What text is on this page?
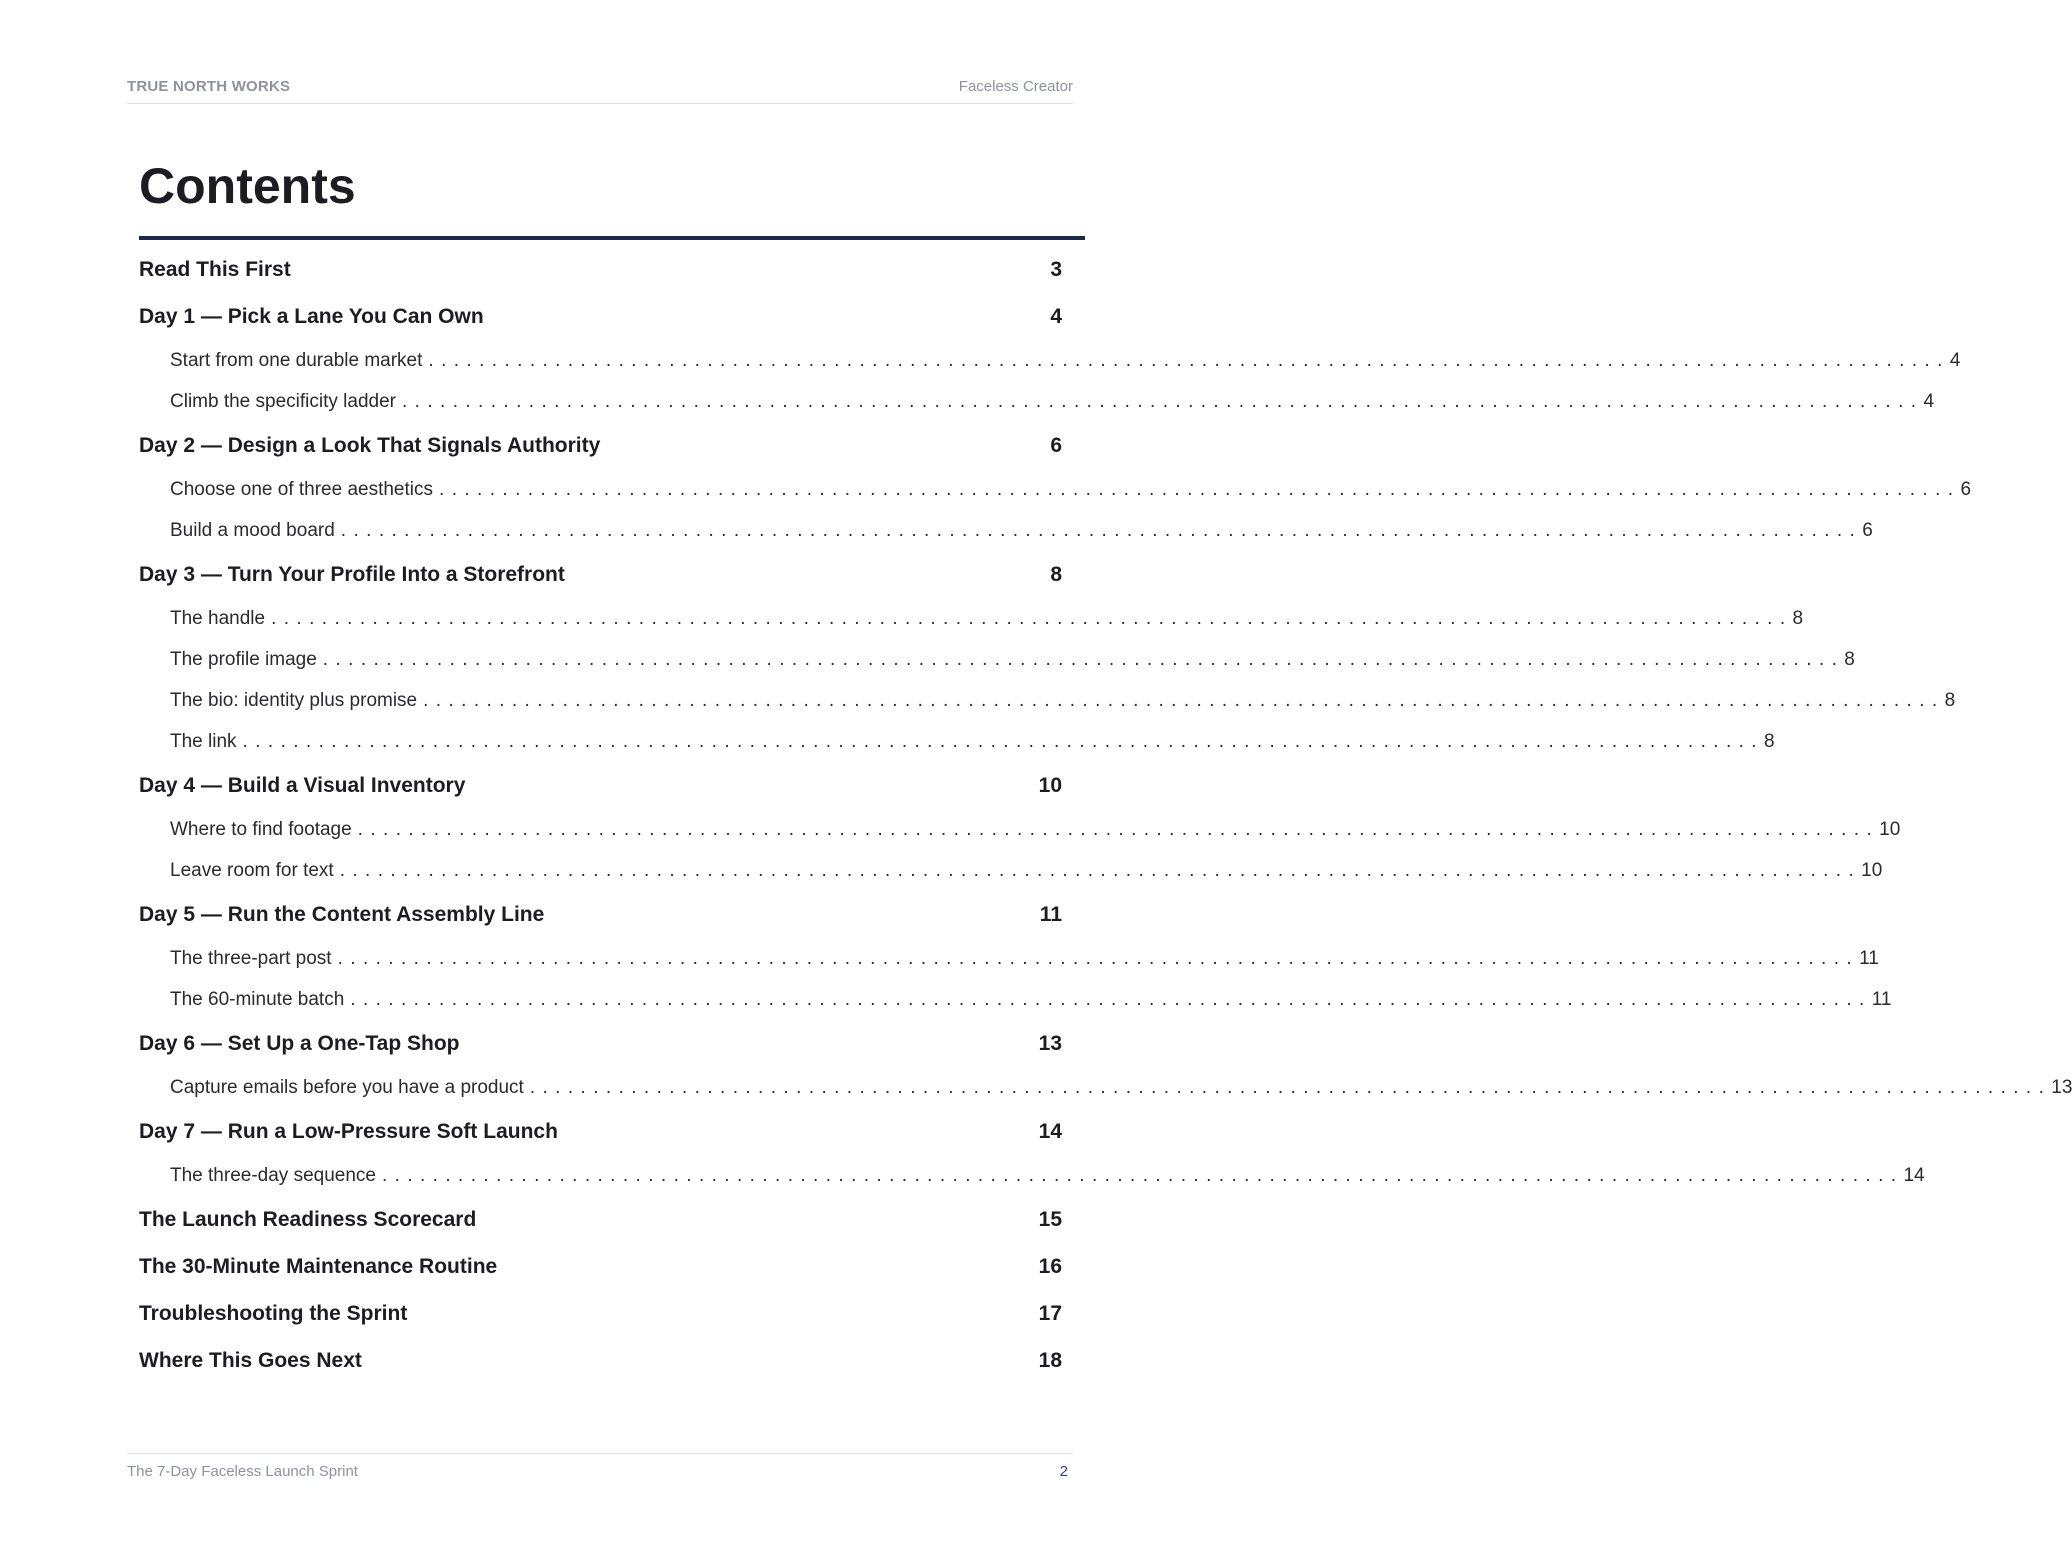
TRUE NORTH WORKS	Faceless Creator
Contents
Read This First	3
Day 1 — Pick a Lane You Can Own	4
Start from one durable market ........................................................................................................................ 4
Climb the specificity ladder ........................................................................................................................ 4
Day 2 — Design a Look That Signals Authority	6
Choose one of three aesthetics ........................................................................................................................ 6
Build a mood board ........................................................................................................................ 6
Day 3 — Turn Your Profile Into a Storefront	8
The handle ........................................................................................................................ 8
The profile image ........................................................................................................................ 8
The bio: identity plus promise ........................................................................................................................ 8
The link ........................................................................................................................ 8
Day 4 — Build a Visual Inventory	10
Where to find footage ........................................................................................................................ 10
Leave room for text ........................................................................................................................ 10
Day 5 — Run the Content Assembly Line	11
The three-part post ........................................................................................................................ 11
The 60-minute batch ........................................................................................................................ 11
Day 6 — Set Up a One-Tap Shop	13
Capture emails before you have a product ........................................................................................................................ 13
Day 7 — Run a Low-Pressure Soft Launch	14
The three-day sequence ........................................................................................................................ 14
The Launch Readiness Scorecard	15
The 30-Minute Maintenance Routine	16
Troubleshooting the Sprint	17
Where This Goes Next	18
The 7-Day Faceless Launch Sprint	2
